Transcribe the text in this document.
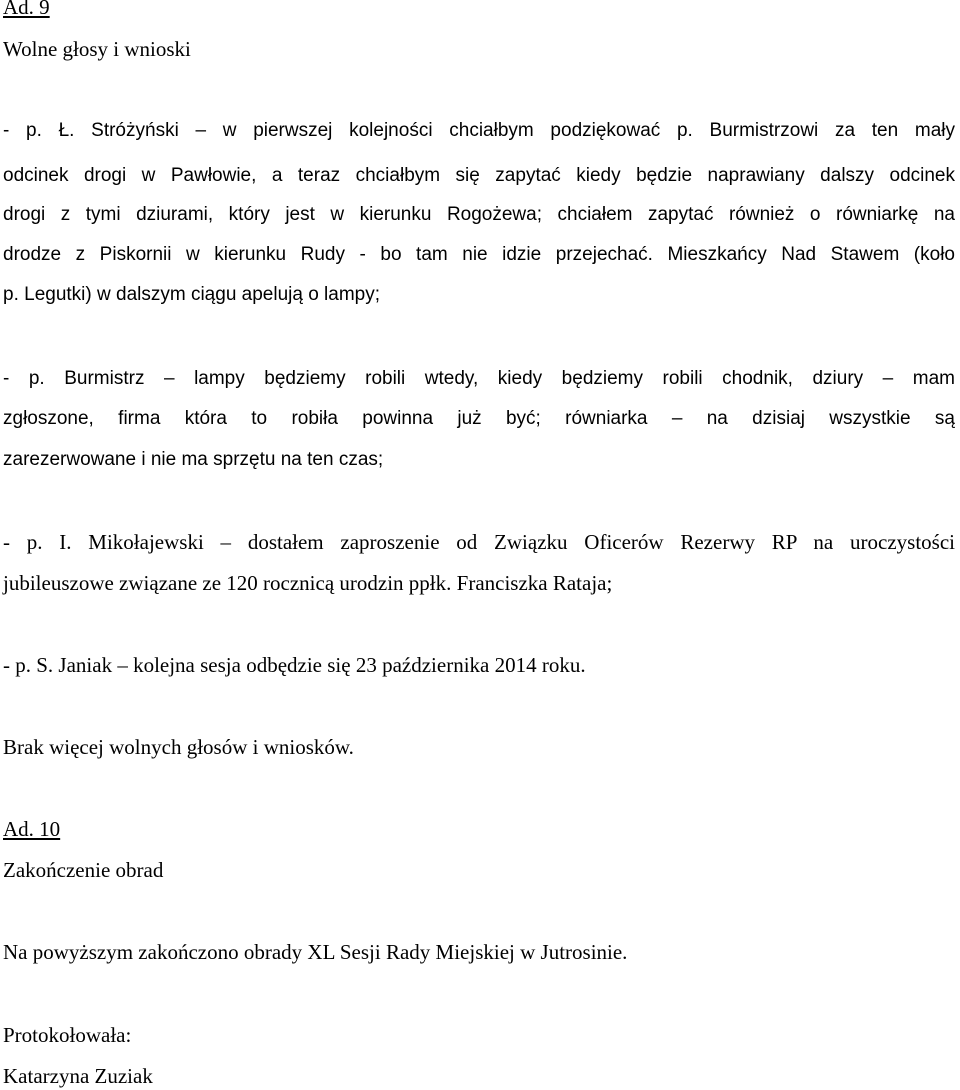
Ad. 9
Wolne głosy i wnioski
- p. Ł. Stróżyński – w pierwszej kolejności chciałbym podziękować p. Burmistrzowi za ten mały
odcinek drogi w Pawłowie, a teraz chciałbym się zapytać kiedy będzie naprawiany dalszy odcinek
drogi z tymi dziurami, który jest w kierunku Rogożewa; chciałem zapytać również o równiarkę na
drodze z Piskornii w kierunku Rudy - bo tam nie idzie przejechać. Mieszkańcy Nad Stawem (koło
p. Legutki) w dalszym ciągu apelują o lampy;
- p. Burmistrz – lampy będziemy robili wtedy, kiedy będziemy robili chodnik, dziury – mam
zgłoszone, firma która to robiła powinna już być; równiarka – na dzisiaj wszystkie są
zarezerwowane i nie ma sprzętu na ten czas;
- p. I. Mikołajewski – dostałem zaproszenie od Związku Oficerów Rezerwy RP na uroczystości
jubileuszowe związane ze 120 rocznicą urodzin ppłk. Franciszka Rataja;
- p. S. Janiak – kolejna sesja odbędzie się 23 października 2014 roku.
Brak więcej wolnych głosów i wniosków.
Ad. 10
Zakończenie obrad
Na powyższym zakończono obrady XL Sesji Rady Miejskiej w Jutrosinie.
Protokołowała:
Katarzyna Zuziak
